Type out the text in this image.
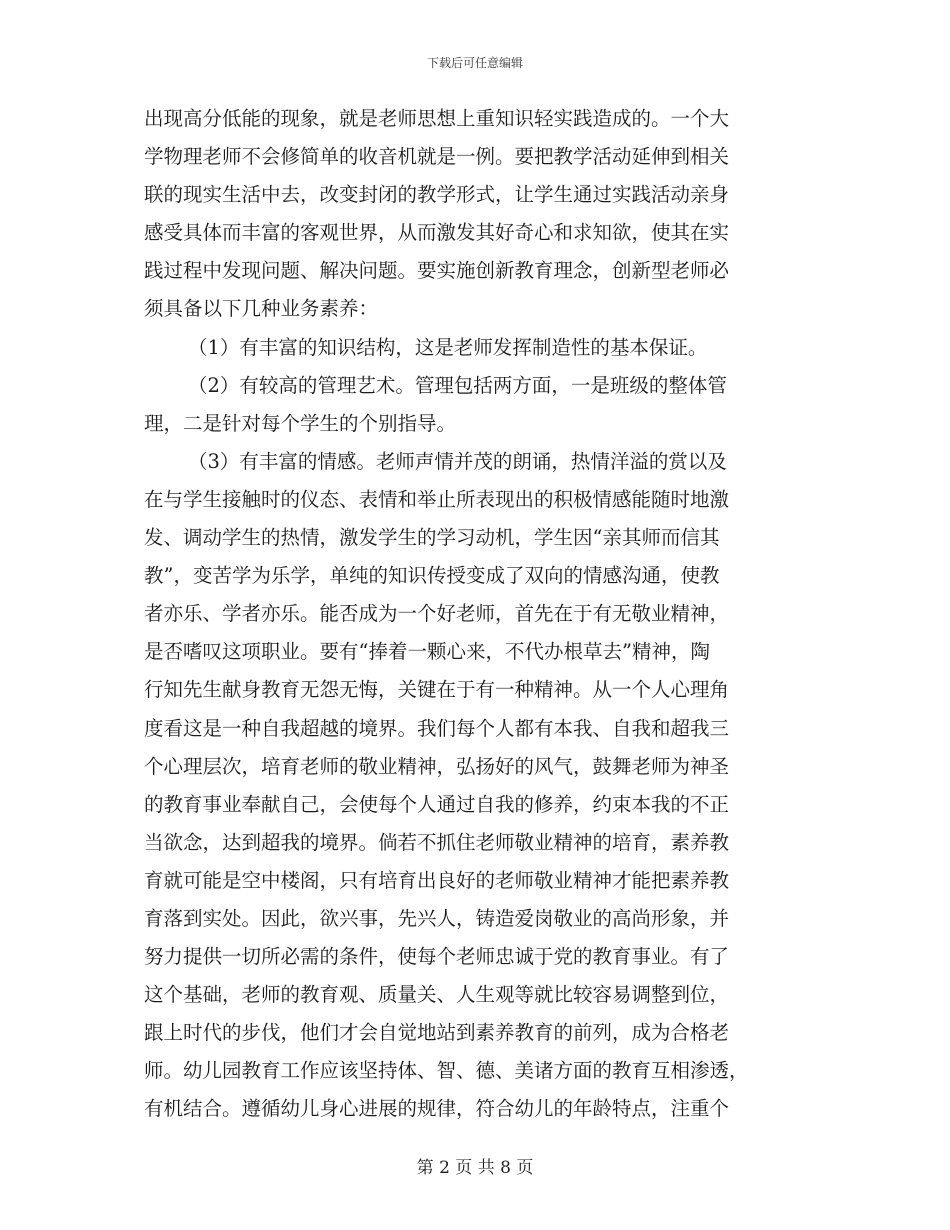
下载后可任意编辑
出现高分低能的现象，就是老师思想上重知识轻实践造成的。一个大
学物理老师不会修简单的收音机就是一例。要把教学活动延伸到相关
联的现实生活中去，改变封闭的教学形式，让学生通过实践活动亲身
感受具体而丰富的客观世界，从而激发其好奇心和求知欲，使其在实
践过程中发现问题、解决问题。要实施创新教育理念，创新型老师必
须具备以下几种业务素养：
（1）有丰富的知识结构，这是老师发挥制造性的基本保证。
（2）有较高的管理艺术。管理包括两方面，一是班级的整体管
理，二是针对每个学生的个别指导。
（3）有丰富的情感。老师声情并茂的朗诵，热情洋溢的赏以及
在与学生接触时的仪态、表情和举止所表现出的积极情感能随时地激
发、调动学生的热情，激发学生的学习动机，学生因“亲其师而信其
教”，变苦学为乐学，单纯的知识传授变成了双向的情感沟通，使教
者亦乐、学者亦乐。能否成为一个好老师，首先在于有无敬业精神，
是否嗜叹这项职业。要有“捧着一颗心来，不代办根草去”精神，陶
行知先生献身教育无怨无悔，关键在于有一种精神。从一个人心理角
度看这是一种自我超越的境界。我们每个人都有本我、自我和超我三
个心理层次，培育老师的敬业精神，弘扬好的风气，鼓舞老师为神圣
的教育事业奉献自己，会使每个人通过自我的修养，约束本我的不正
当欲念，达到超我的境界。倘若不抓住老师敬业精神的培育，素养教
育就可能是空中楼阁，只有培育出良好的老师敬业精神才能把素养教
育落到实处。因此，欲兴事，先兴人，铸造爱岗敬业的高尚形象，并
努力提供一切所必需的条件，使每个老师忠诚于党的教育事业。有了
这个基础，老师的教育观、质量关、人生观等就比较容易调整到位，
跟上时代的步伐，他们才会自觉地站到素养教育的前列，成为合格老
师。幼儿园教育工作应该坚持体、智、德、美诸方面的教育互相渗透，
有机结合。遵循幼儿身心进展的规律，符合幼儿的年龄特点，注重个
第 2 页 共 8 页
